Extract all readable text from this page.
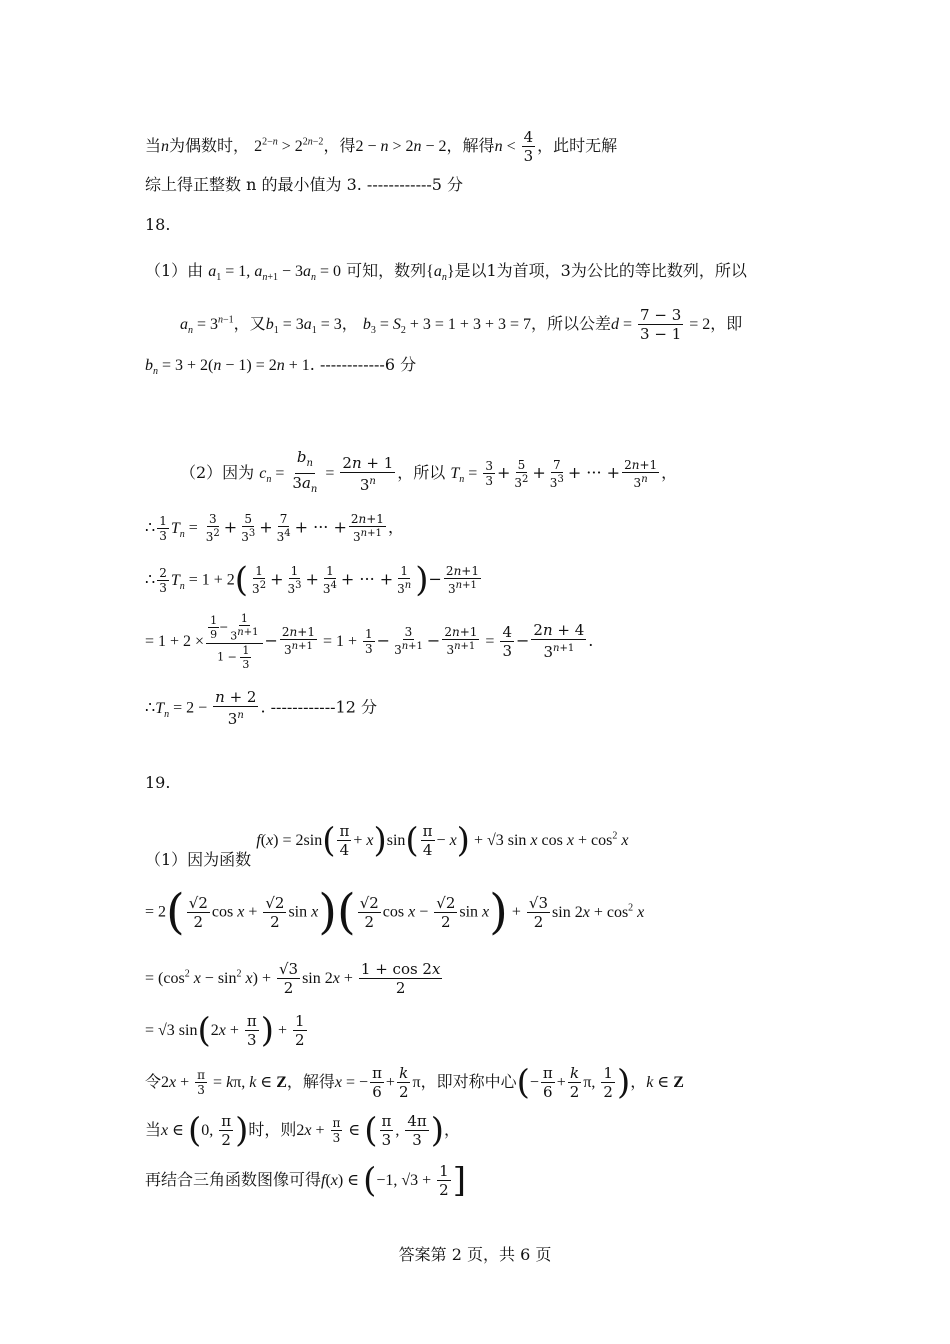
当n为偶数时， $2^{2-n} > 2^{2n-2}$，得2 − n > 2n − 2，解得$n < \frac{4}{3}$ ，此时无解
综上得正整数 n 的最小值为 3. ------------5 分
18.
（1）由 $a_1 = 1$, $a_{n+1} - 3a_n = 0$ 可知，数列$\{a_n\}$是以1为首项，3为公比的等比数列，所以
$a_n = 3^{n-1}$，又$b_1 = 3a_1 = 3$， $b_3 = S_2 + 3 = 1 + 3 + 3 = 7$，所以公差$d = \frac{7 - 3}{3 - 1} = 2$，即
$b_n = 3 + 2(n - 1) = 2n + 1$. ------------6 分
（2）因为 $c_n = \frac{b_n}{3a_n} = \frac{2n + 1}{3^n}$ ，所以 $T_n = \frac{3}{3} + \frac{5}{3^2} + \frac{7}{3^3}$ + ··· + $\frac{2n+1}{3^n}$ ，
∴ $\frac{1}{3} T_n = \frac{3}{3^2} + \frac{5}{3^3} + \frac{7}{3^4}$ + ··· + $\frac{2n+1}{3^{n+1}}$ ，
∴ $\frac{2}{3} T_n = 1 + 2( \frac{1}{3^2} + \frac{1}{3^3} + \frac{1}{3^4}$ + ··· + $\frac{1}{3^n}$ )− $\frac{2n+1}{3^{n+1}}$
= $1 + 2 \times \frac{\frac{1}{9} - \frac{1}{3^{n+1}}}{1 - \frac{1}{3}} - \frac{2n+1}{3^{n+1}} = 1 + \frac{1}{3} - \frac{3}{3^{n+1}} - \frac{2n+1}{3^{n+1}} = \frac{4}{3} - \frac{2n + 4}{3^{n+1}}$ .
$\therefore T_n = 2 - \frac{n + 2}{3^n}$ . ------------12 分
19.
（1）因为函数 $f(x) = 2\sin( \frac{\pi}{4} + x)\sin( \frac{\pi}{4} - x) + √3$ sin x $\cos x + \cos^2 x$
= $2( \frac{√2}{2}$ $\cos x + \frac{√2}{2}$ $\sin x)( \frac{√2}{2}$ $\cos x - \frac{√2}{2}$ $\sin x) + \frac{√3}{2}$ $\sin 2x + \cos^2 x$
= ($\cos^2$ $x - \sin^2 x) + \frac{√3}{2}$ $\sin 2x + \frac{1 + \cos 2x}{2}$
= √3 $\sin(2x + \frac{\pi}{3}$ ) + $\frac{1}{2}$
令$2x + \frac{\pi}{3} = k\pi$, k ∈ Z，解得x = − $\frac{\pi}{6} + \frac{k}{2}$ π，即对称中心(− $\frac{\pi}{6} + \frac{k}{2} \pi$, $\frac{1}{2}$ )，k ∈ Z
当x ∈ (0, $\frac{\pi}{2}$ )时，则$2x + \frac{\pi}{3}$ ∈ ( $\frac{\pi}{3}$ , $\frac{4\pi}{3}$ )，
再结合三角函数图像可得f(x) ∈ (−1, $√3 + \frac{1}{2}$ ]
答案第 2 页，共 6 页
